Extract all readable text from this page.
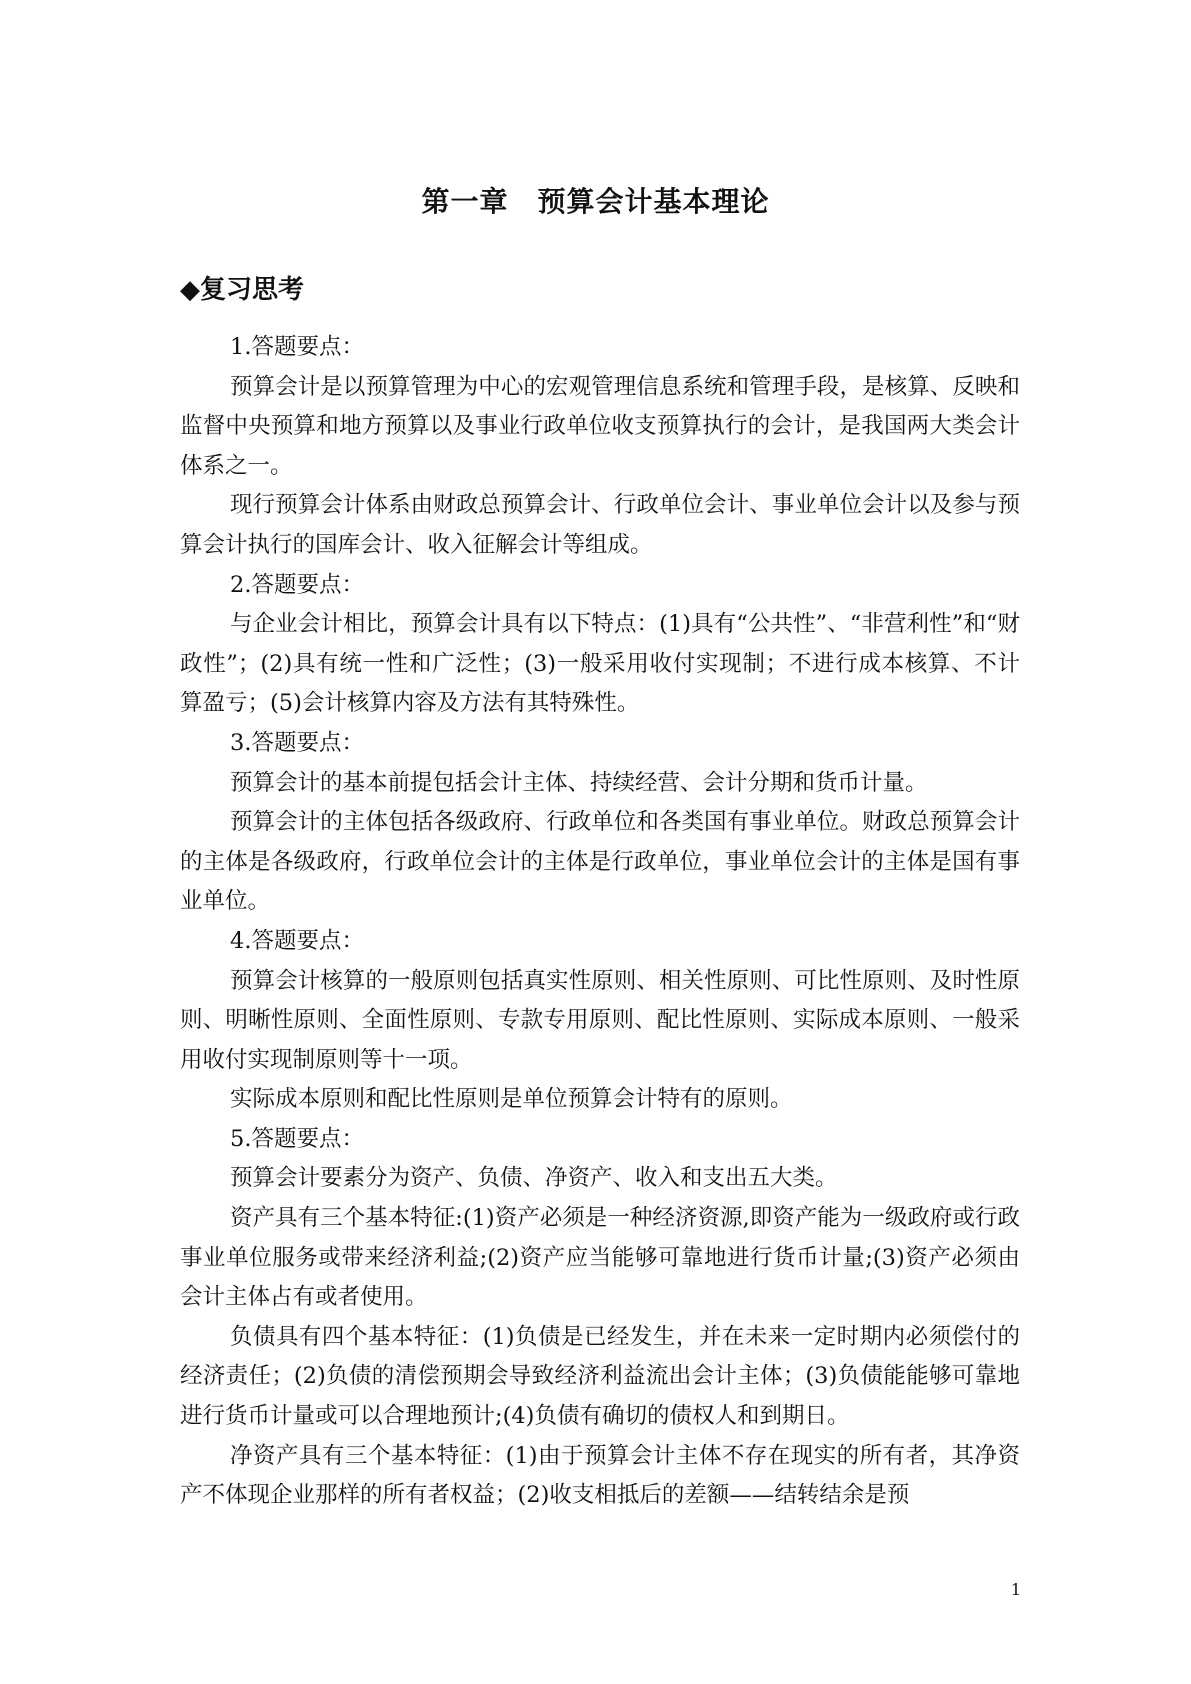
第一章　预算会计基本理论
◆复习思考

1.答题要点：

预算会计是以预算管理为中心的宏观管理信息系统和管理手段，是核算、反映和监督中央预算和地方预算以及事业行政单位收支预算执行的会计，是我国两大类会计体系之一。

现行预算会计体系由财政总预算会计、行政单位会计、事业单位会计以及参与预算会计执行的国库会计、收入征解会计等组成。

2.答题要点：

与企业会计相比，预算会计具有以下特点：(1)具有“公共性”、“非营利性”和“财政性”；(2)具有统一性和广泛性；(3)一般采用收付实现制；不进行成本核算、不计算盈亏；(5)会计核算内容及方法有其特殊性。

3.答题要点：

预算会计的基本前提包括会计主体、持续经营、会计分期和货币计量。

预算会计的主体包括各级政府、行政单位和各类国有事业单位。财政总预算会计的主体是各级政府，行政单位会计的主体是行政单位，事业单位会计的主体是国有事业单位。

4.答题要点：

预算会计核算的一般原则包括真实性原则、相关性原则、可比性原则、及时性原则、明晰性原则、全面性原则、专款专用原则、配比性原则、实际成本原则、一般采用收付实现制原则等十一项。

实际成本原则和配比性原则是单位预算会计特有的原则。

5.答题要点：

预算会计要素分为资产、负债、净资产、收入和支出五大类。

资产具有三个基本特征:(1)资产必须是一种经济资源,即资产能为一级政府或行政事业单位服务或带来经济利益;(2)资产应当能够可靠地进行货币计量;(3)资产必须由会计主体占有或者使用。

负债具有四个基本特征：(1)负债是已经发生，并在未来一定时期内必须偿付的经济责任；(2)负债的清偿预期会导致经济利益流出会计主体；(3)负债能能够可靠地进行货币计量或可以合理地预计;(4)负债有确切的债权人和到期日。

净资产具有三个基本特征：(1)由于预算会计主体不存在现实的所有者，其净资产不体现企业那样的所有者权益；(2)收支相抵后的差额——结转结余是预

1
